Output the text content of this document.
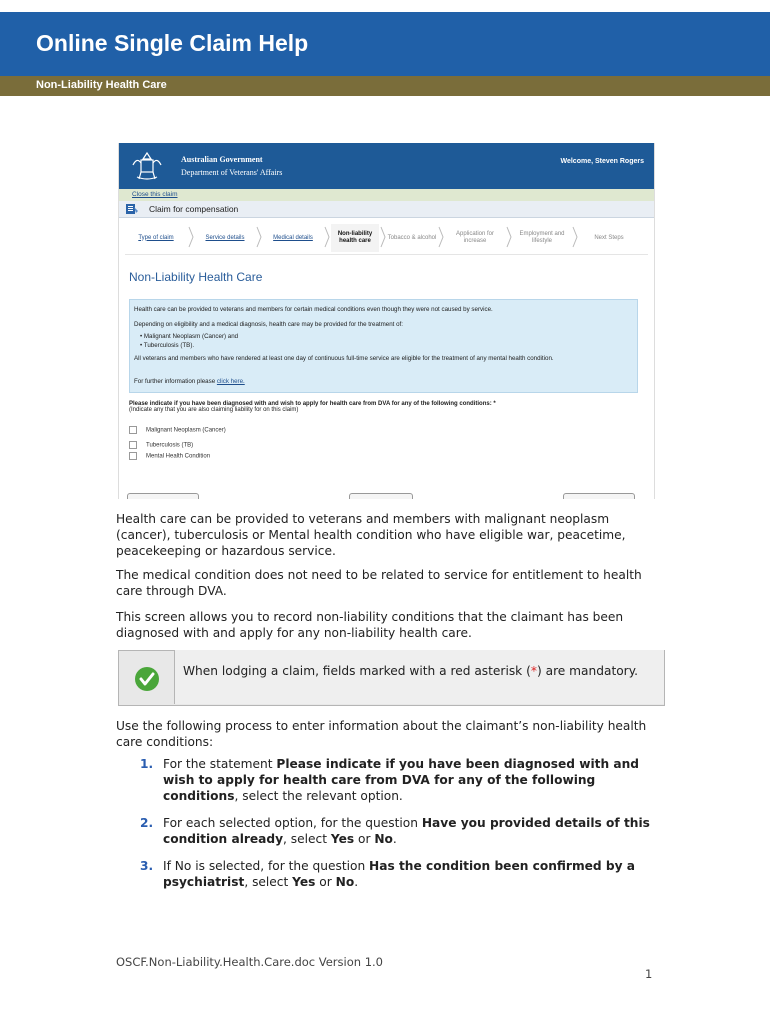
Online Single Claim Help
Non-Liability Health Care
Australian Government
Department of Veterans' Affairs
Welcome, Steven Rogers
Close this claim
Claim for compensation
Type of claim	Service details	Medical details
Non-liability health care
Tobacco & alcohol
Application for increase
Employment and lifestyle
Next Steps
Non-Liability Health Care

Health care can be provided to veterans and members for certain medical conditions even though they were not caused by service.

Depending on eligibility and a medical diagnosis, health care may be provided for the treatment of:

• Malignant Neoplasm (Cancer) and

• Tuberculosis (TB).

All veterans and members who have rendered at least one day of continuous full-time service are eligible for the treatment of any mental health condition.

For further information please click here.

Please indicate if you have been diagnosed with and wish to apply for health care from DVA for any of the following conditions: *
(Indicate any that you are also claiming liability for on this claim)
Malignant Neoplasm (Cancer)
Tuberculosis (TB)
Mental Health Condition

Health care can be provided to veterans and members with malignant neoplasm (cancer), tuberculosis or Mental health condition who have eligible war, peacetime, peacekeeping or hazardous service.

The medical condition does not need to be related to service for entitlement to health care through DVA.

This screen allows you to record non-liability conditions that the claimant has been diagnosed with and apply for any non-liability health care.

When lodging a claim, fields marked with a red asterisk (*) are mandatory.

Use the following process to enter information about the claimant’s non-liability health care conditions:

1. For the statement Please indicate if you have been diagnosed with and wish to apply for health care from DVA for any of the following conditions, select the relevant option.
2. For each selected option, for the question Have you provided details of this condition already, select Yes or No.
3. If No is selected, for the question Has the condition been confirmed by a psychiatrist, select Yes or No.
OSCF.Non-Liability.Health.Care.doc Version 1.0
1
